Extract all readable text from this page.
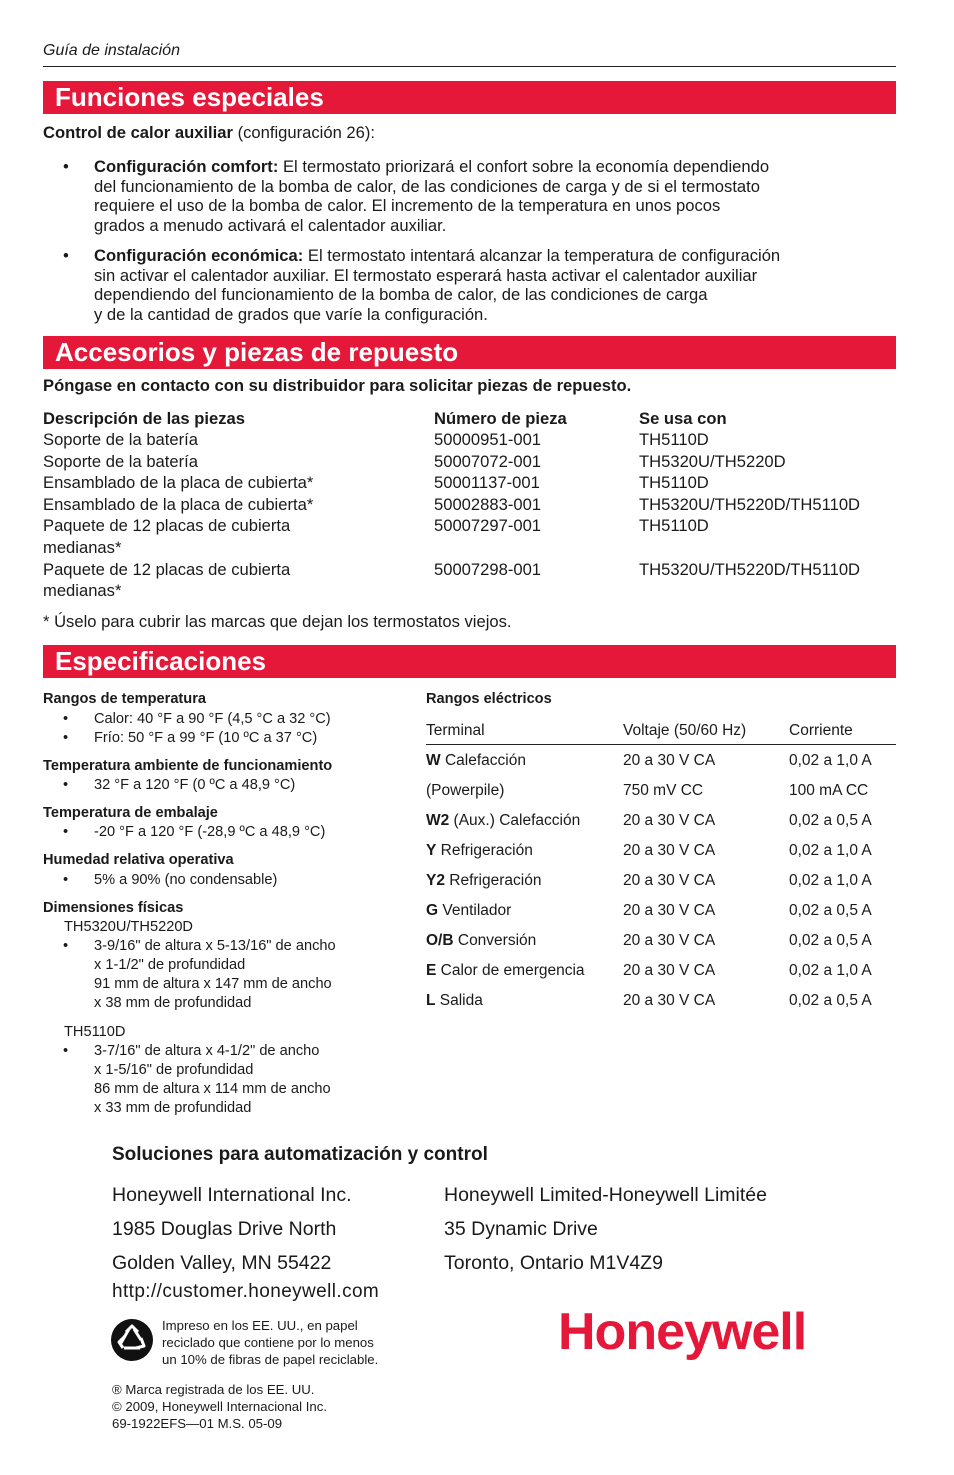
Guía de instalación
Funciones especiales
Control de calor auxiliar (configuración 26):
• Configuración comfort: El termostato priorizará el confort sobre la economía dependiendo
del funcionamiento de la bomba de calor, de las condiciones de carga y de si el termostato
requiere el uso de la bomba de calor. El incremento de la temperatura en unos pocos
grados a menudo activará el calentador auxiliar.
• Configuración económica: El termostato intentará alcanzar la temperatura de configuración
sin activar el calentador auxiliar. El termostato esperará hasta activar el calentador auxiliar
dependiendo del funcionamiento de la bomba de calor, de las condiciones de carga
y de la cantidad de grados que varíe la configuración.
Accesorios y piezas de repuesto
Póngase en contacto con su distribuidor para solicitar piezas de repuesto.
Descripción de las piezas	Número de pieza	Se usa con
Soporte de la batería	50000951-001	TH5110D
Soporte de la batería	50007072-001	TH5320U/TH5220D
Ensamblado de la placa de cubierta*	50001137-001	TH5110D
Ensamblado de la placa de cubierta*	50002883-001	TH5320U/TH5220D/TH5110D
Paquete de 12 placas de cubierta	50007297-001	TH5110D
medianas*
Paquete de 12 placas de cubierta	50007298-001	TH5320U/TH5220D/TH5110D
medianas*
* Úselo para cubrir las marcas que dejan los termostatos viejos.
Especificaciones
Rangos de temperatura
•
•
Calor: 40 °F a 90 °F (4,5 °C a 32 °C)
Frío: 50 °F a 99 °F (10 ºC a 37 °C)
Temperatura ambiente de funcionamiento
• 32 °F a 120 °F (0 ºC a 48,9 °C)
Temperatura de embalaje
• -20 °F a 120 °F (-28,9 ºC a 48,9 °C)
Humedad relativa operativa
• 5% a 90% (no condensable)
Dimensiones físicas
TH5320U/TH5220D
• 3-9/16" de altura x 5-13/16" de ancho
x 1-1/2" de profundidad
91 mm de altura x 147 mm de ancho
x 38 mm de profundidad
TH5110D
• 3-7/16" de altura x 4-1/2" de ancho
x 1-5/16" de profundidad
86 mm de altura x 114 mm de ancho
x 33 mm de profundidad
Rangos eléctricos
Terminal	Voltaje (50/60 Hz)	Corriente
W Calefacción	20 a 30 V CA	0,02 a 1,0 A
(Powerpile)	750 mV CC	100 mA CC
W2 (Aux.) Calefacción	20 a 30 V CA	0,02 a 0,5 A
Y Refrigeración	20 a 30 V CA	0,02 a 1,0 A
Y2 Refrigeración	20 a 30 V CA	0,02 a 1,0 A
G Ventilador	20 a 30 V CA	0,02 a 0,5 A
O/B Conversión	20 a 30 V CA	0,02 a 0,5 A
E Calor de emergencia 20 a 30 V CA	0,02 a 1,0 A
L Salida	20 a 30 V CA	0,02 a 0,5 A
Soluciones para automatización y control
Honeywell International Inc.
1985 Douglas Drive North
Golden Valley, MN 55422
Honeywell Limited-Honeywell Limitée
35 Dynamic Drive
Toronto, Ontario M1V4Z9
http://customer.honeywell.com
Impreso en los EE. UU., en papel
reciclado que contiene por lo menos
un 10% de fibras de papel reciclable.
® Marca registrada de los EE. UU.
© 2009, Honeywell Internacional Inc.
69-1922EFS—01 M.S. 05-09
Honeywell
